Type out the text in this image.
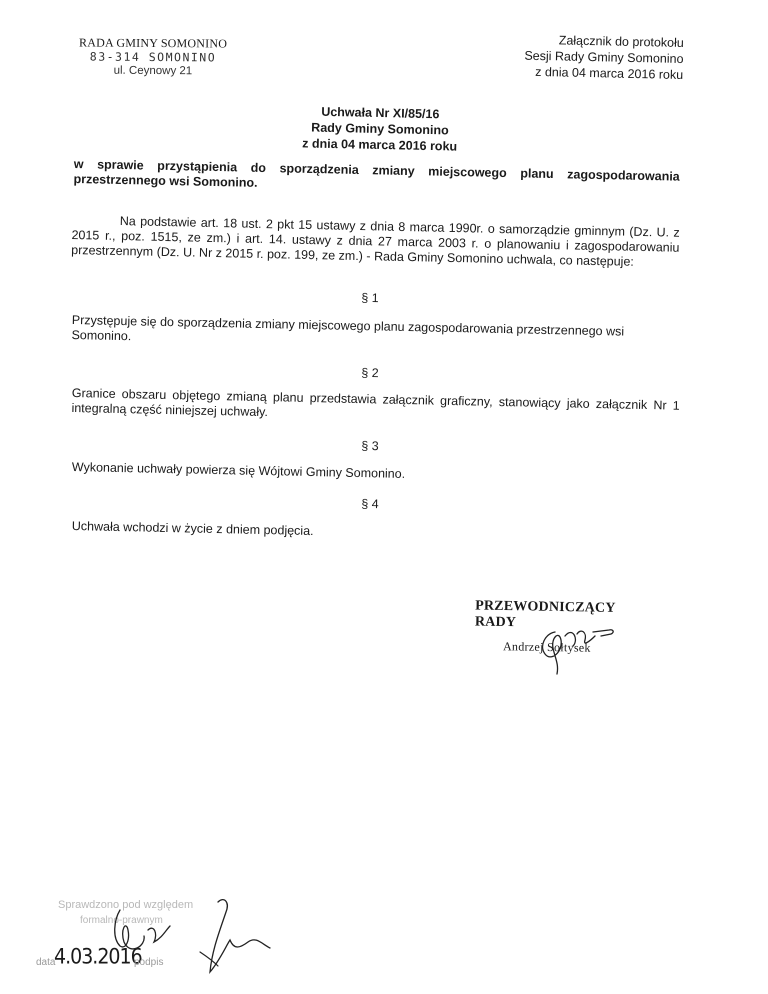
RADA GMINY SOMONINO
83-314 SOMONINO
ul. Ceynowy 21
Załącznik do protokołu
Sesji Rady Gminy Somonino
z dnia 04 marca 2016 roku
Uchwała Nr XI/85/16
Rady Gminy Somonino
z dnia 04 marca 2016 roku
w sprawie przystąpienia do sporządzenia zmiany miejscowego planu zagospodarowania przestrzennego wsi Somonino.
Na podstawie art. 18 ust. 2 pkt 15 ustawy z dnia 8 marca 1990r. o samorządzie gminnym (Dz. U. z 2015 r., poz. 1515, ze zm.) i art. 14. ustawy z dnia 27 marca 2003 r. o planowaniu i zagospodarowaniu przestrzennym (Dz. U. Nr z 2015 r. poz. 199, ze zm.) - Rada Gminy Somonino uchwala, co następuje:
§ 1
Przystępuje się do sporządzenia zmiany miejscowego planu zagospodarowania przestrzennego wsi Somonino.
§ 2
Granice obszaru objętego zmianą planu przedstawia załącznik graficzny, stanowiący jako załącznik Nr 1 integralną część niniejszej uchwały.
§ 3
Wykonanie uchwały powierza się Wójtowi Gminy Somonino.
§ 4
Uchwała wchodzi w życie z dniem podjęcia.
PRZEWODNICZĄCY RADY
Andrzej Sołtysek
Sprawdzono pod względem
formalno-prawnym
data
4.03.2016
podpis
